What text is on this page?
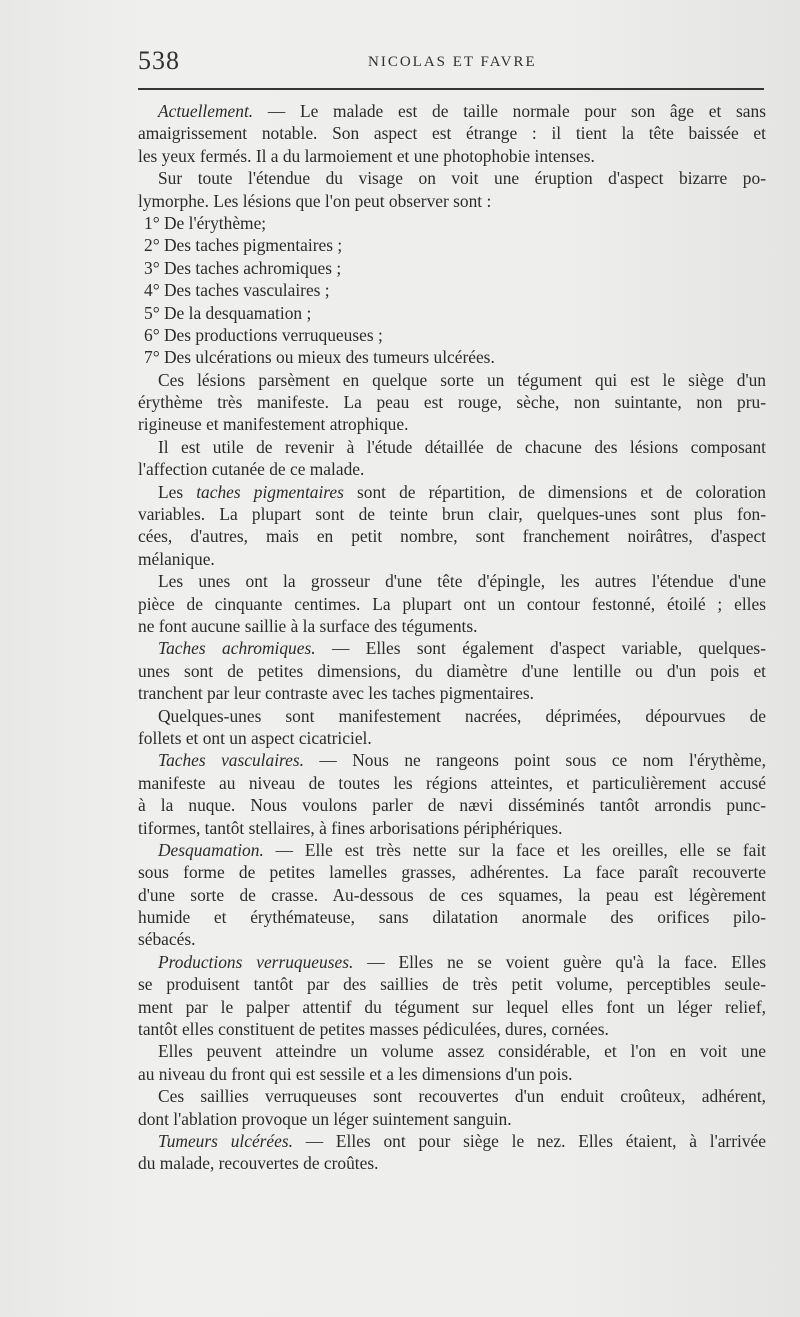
538	NICOLAS ET FAVRE
Actuellement. — Le malade est de taille normale pour son âge et sans
amaigrissement notable. Son aspect est étrange : il tient la tête baissée et
les yeux fermés. Il a du larmoiement et une photophobie intenses.
Sur toute l'étendue du visage on voit une éruption d'aspect bizarre po-
lymorphe. Les lésions que l'on peut observer sont :
1° De l'érythème;
2° Des taches pigmentaires ;
3° Des taches achromiques ;
4° Des taches vasculaires ;
5° De la desquamation ;
6° Des productions verruqueuses ;
7° Des ulcérations ou mieux des tumeurs ulcérées.
Ces lésions parsèment en quelque sorte un tégument qui est le siège d'un
érythème très manifeste. La peau est rouge, sèche, non suintante, non pru-
rigineuse et manifestement atrophique.
Il est utile de revenir à l'étude détaillée de chacune des lésions composant
l'affection cutanée de ce malade.
Les taches pigmentaires sont de répartition, de dimensions et de coloration
variables. La plupart sont de teinte brun clair, quelques-unes sont plus fon-
cées, d'autres, mais en petit nombre, sont franchement noirâtres, d'aspect
mélanique.
Les unes ont la grosseur d'une tête d'épingle, les autres l'étendue d'une
pièce de cinquante centimes. La plupart ont un contour festonné, étoilé ; elles
ne font aucune saillie à la surface des téguments.
Taches achromiques. — Elles sont également d'aspect variable, quelques-
unes sont de petites dimensions, du diamètre d'une lentille ou d'un pois et
tranchent par leur contraste avec les taches pigmentaires.
Quelques-unes sont manifestement nacrées, déprimées, dépourvues de
follets et ont un aspect cicatriciel.
Taches vasculaires. — Nous ne rangeons point sous ce nom l'érythème,
manifeste au niveau de toutes les régions atteintes, et particulièrement accusé
à la nuque. Nous voulons parler de nævi disséminés tantôt arrondis punc-
tiformes, tantôt stellaires, à fines arborisations périphériques.
Desquamation. — Elle est très nette sur la face et les oreilles, elle se fait
sous forme de petites lamelles grasses, adhérentes. La face paraît recouverte
d'une sorte de crasse. Au-dessous de ces squames, la peau est légèrement
humide et érythémateuse, sans dilatation anormale des orifices pilo-
sébacés.
Productions verruqueuses. — Elles ne se voient guère qu'à la face. Elles
se produisent tantôt par des saillies de très petit volume, perceptibles seule-
ment par le palper attentif du tégument sur lequel elles font un léger relief,
tantôt elles constituent de petites masses pédiculées, dures, cornées.
Elles peuvent atteindre un volume assez considérable, et l'on en voit une
au niveau du front qui est sessile et a les dimensions d'un pois.
Ces saillies verruqueuses sont recouvertes d'un enduit croûteux, adhérent,
dont l'ablation provoque un léger suintement sanguin.
Tumeurs ulcérées. — Elles ont pour siège le nez. Elles étaient, à l'arrivée
du malade, recouvertes de croûtes.
